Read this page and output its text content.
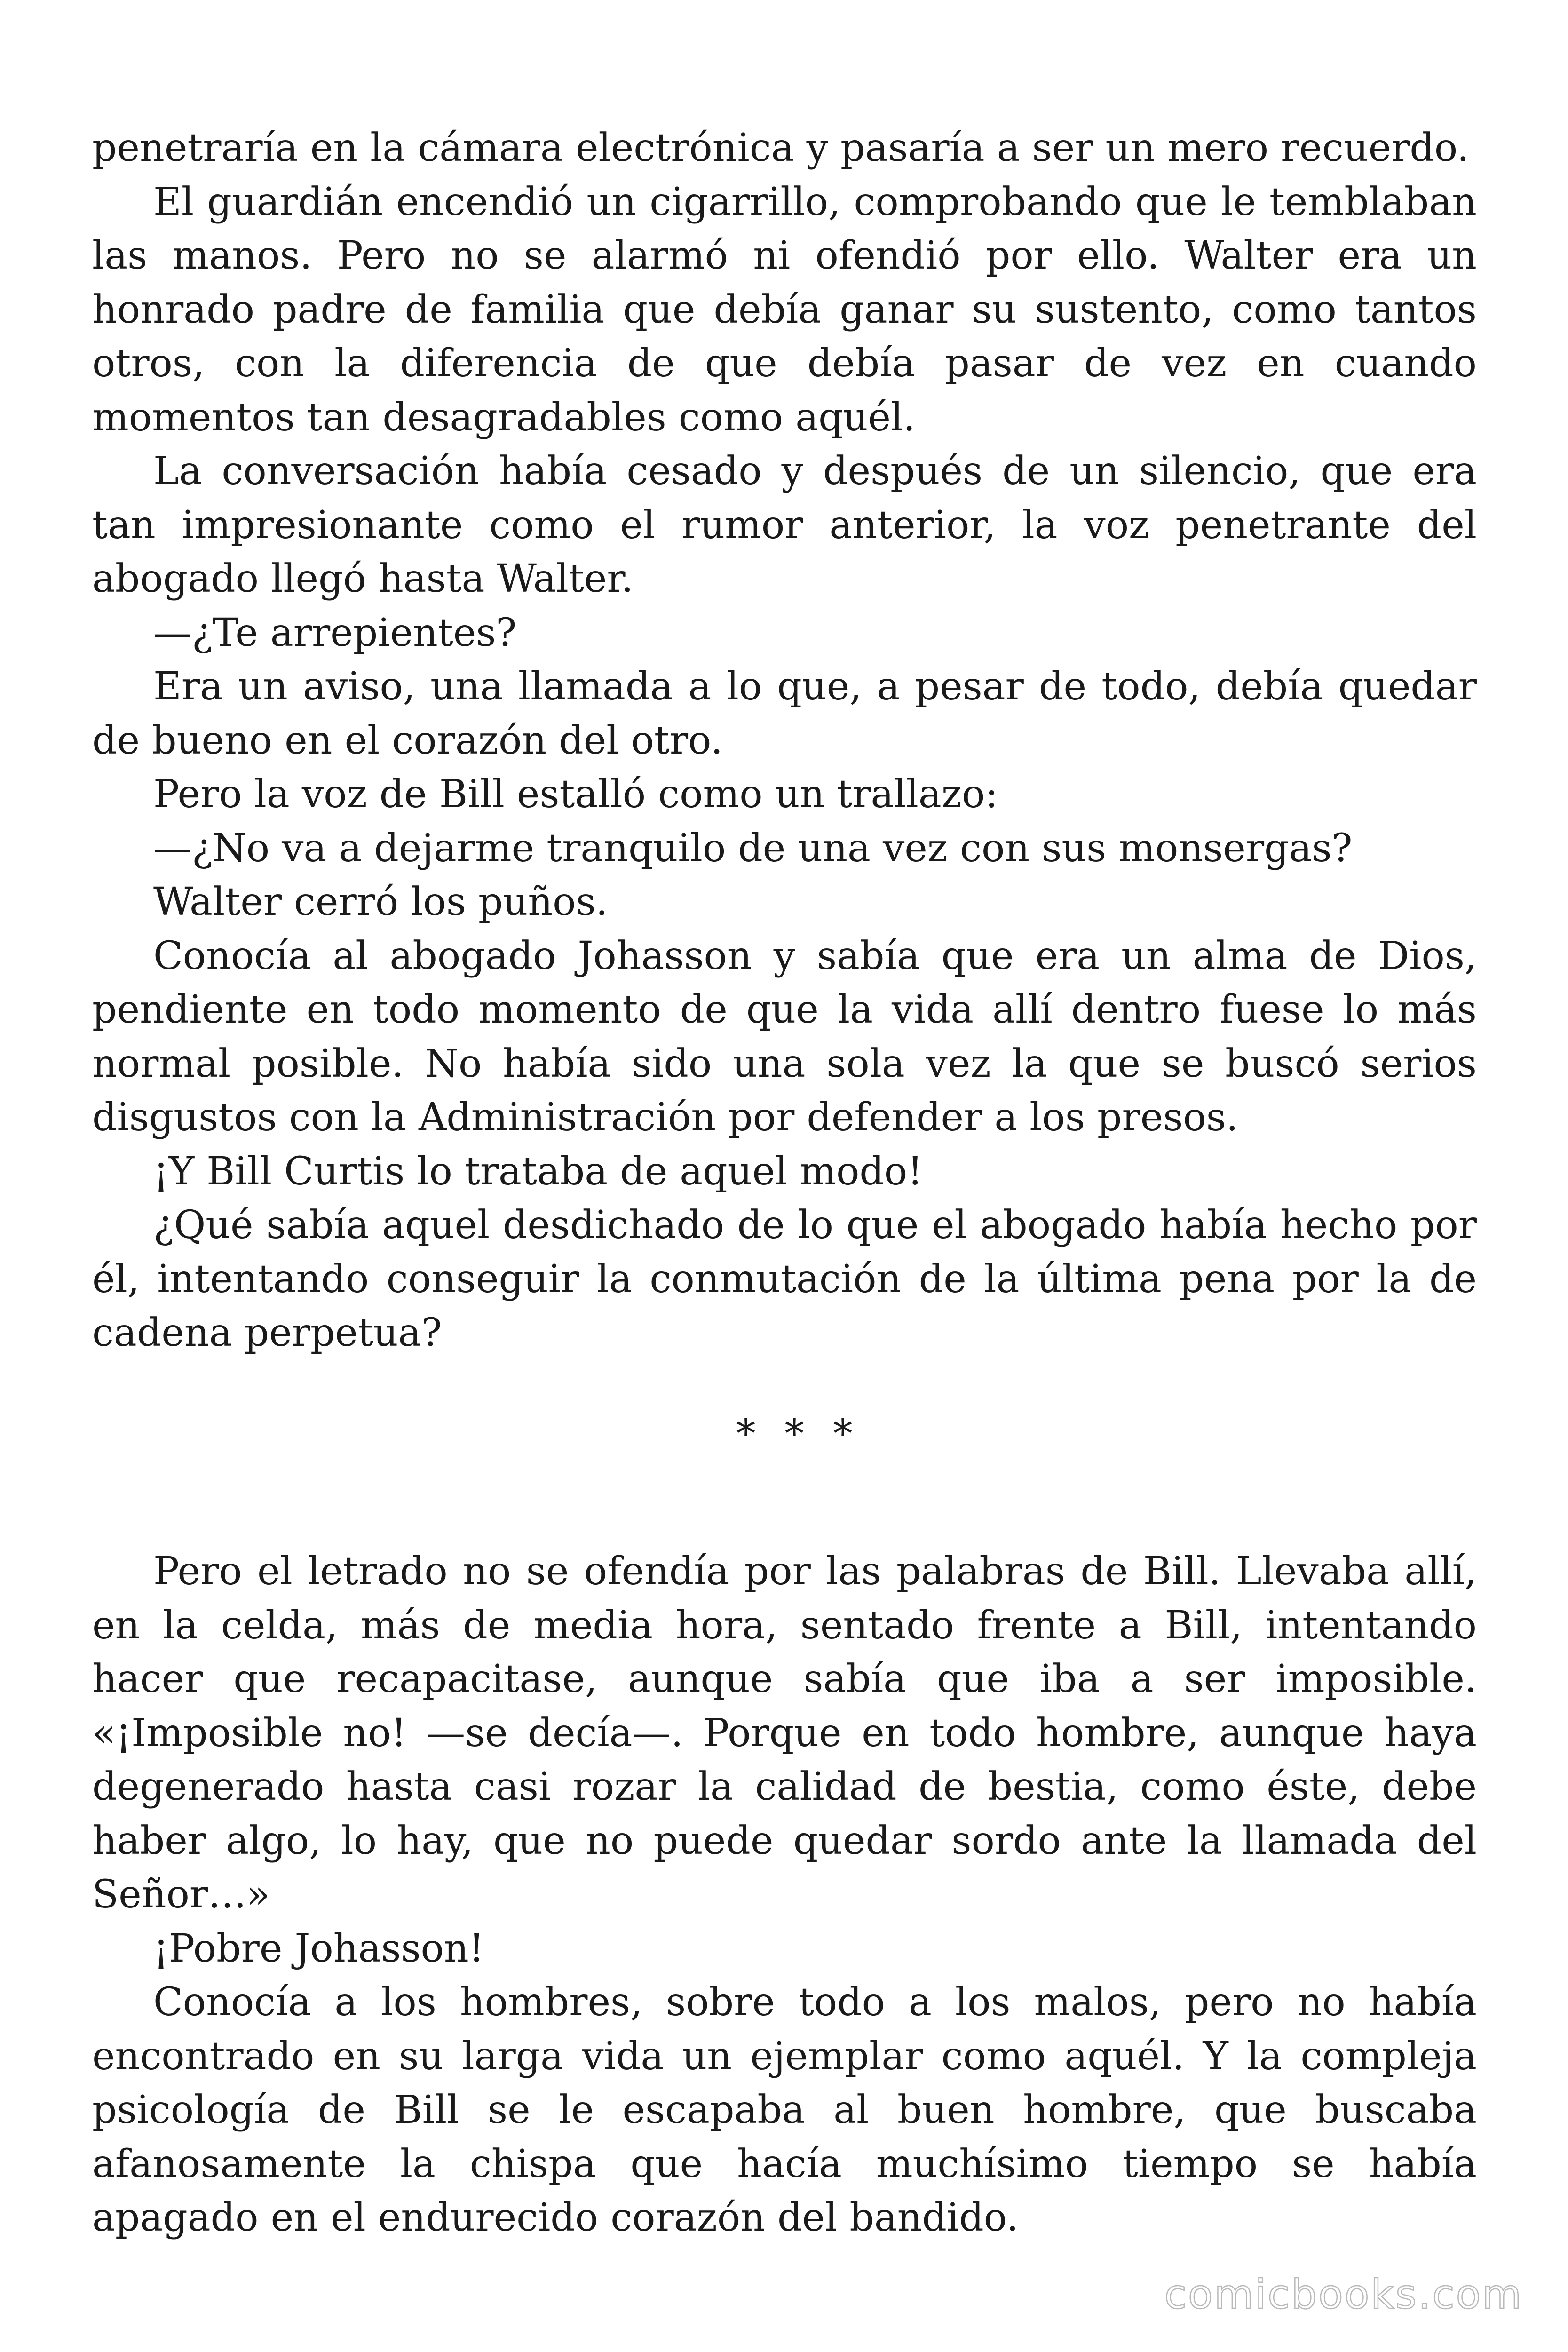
penetraría en la cámara electrónica y pasaría a ser un mero recuerdo.

El guardián encendió un cigarrillo, comprobando que le temblaban las manos. Pero no se alarmó ni ofendió por ello. Walter era un honrado padre de familia que debía ganar su sustento, como tantos otros, con la diferencia de que debía pasar de vez en cuando momentos tan desagradables como aquél.

La conversación había cesado y después de un silencio, que era tan impresionante como el rumor anterior, la voz penetrante del abogado llegó hasta Walter.

—¿Te arrepientes?

Era un aviso, una llamada a lo que, a pesar de todo, debía quedar de bueno en el corazón del otro.

Pero la voz de Bill estalló como un trallazo:

—¿No va a dejarme tranquilo de una vez con sus monsergas?

Walter cerró los puños.

Conocía al abogado Johasson y sabía que era un alma de Dios, pendiente en todo momento de que la vida allí dentro fuese lo más normal posible. No había sido una sola vez la que se buscó serios disgustos con la Administración por defender a los presos.

¡Y Bill Curtis lo trataba de aquel modo!

¿Qué sabía aquel desdichado de lo que el abogado había hecho por él, intentando conseguir la conmutación de la última pena por la de cadena perpetua?

* * *

Pero el letrado no se ofendía por las palabras de Bill. Llevaba allí, en la celda, más de media hora, sentado frente a Bill, intentando hacer que recapacitase, aunque sabía que iba a ser imposible. «¡Imposible no! —se decía—. Porque en todo hombre, aunque haya degenerado hasta casi rozar la calidad de bestia, como éste, debe haber algo, lo hay, que no puede quedar sordo ante la llamada del Señor…»

¡Pobre Johasson!

Conocía a los hombres, sobre todo a los malos, pero no había encontrado en su larga vida un ejemplar como aquél. Y la compleja psicología de Bill se le escapaba al buen hombre, que buscaba afanosamente la chispa que hacía muchísimo tiempo se había apagado en el endurecido corazón del bandido.

comicbooks.com
